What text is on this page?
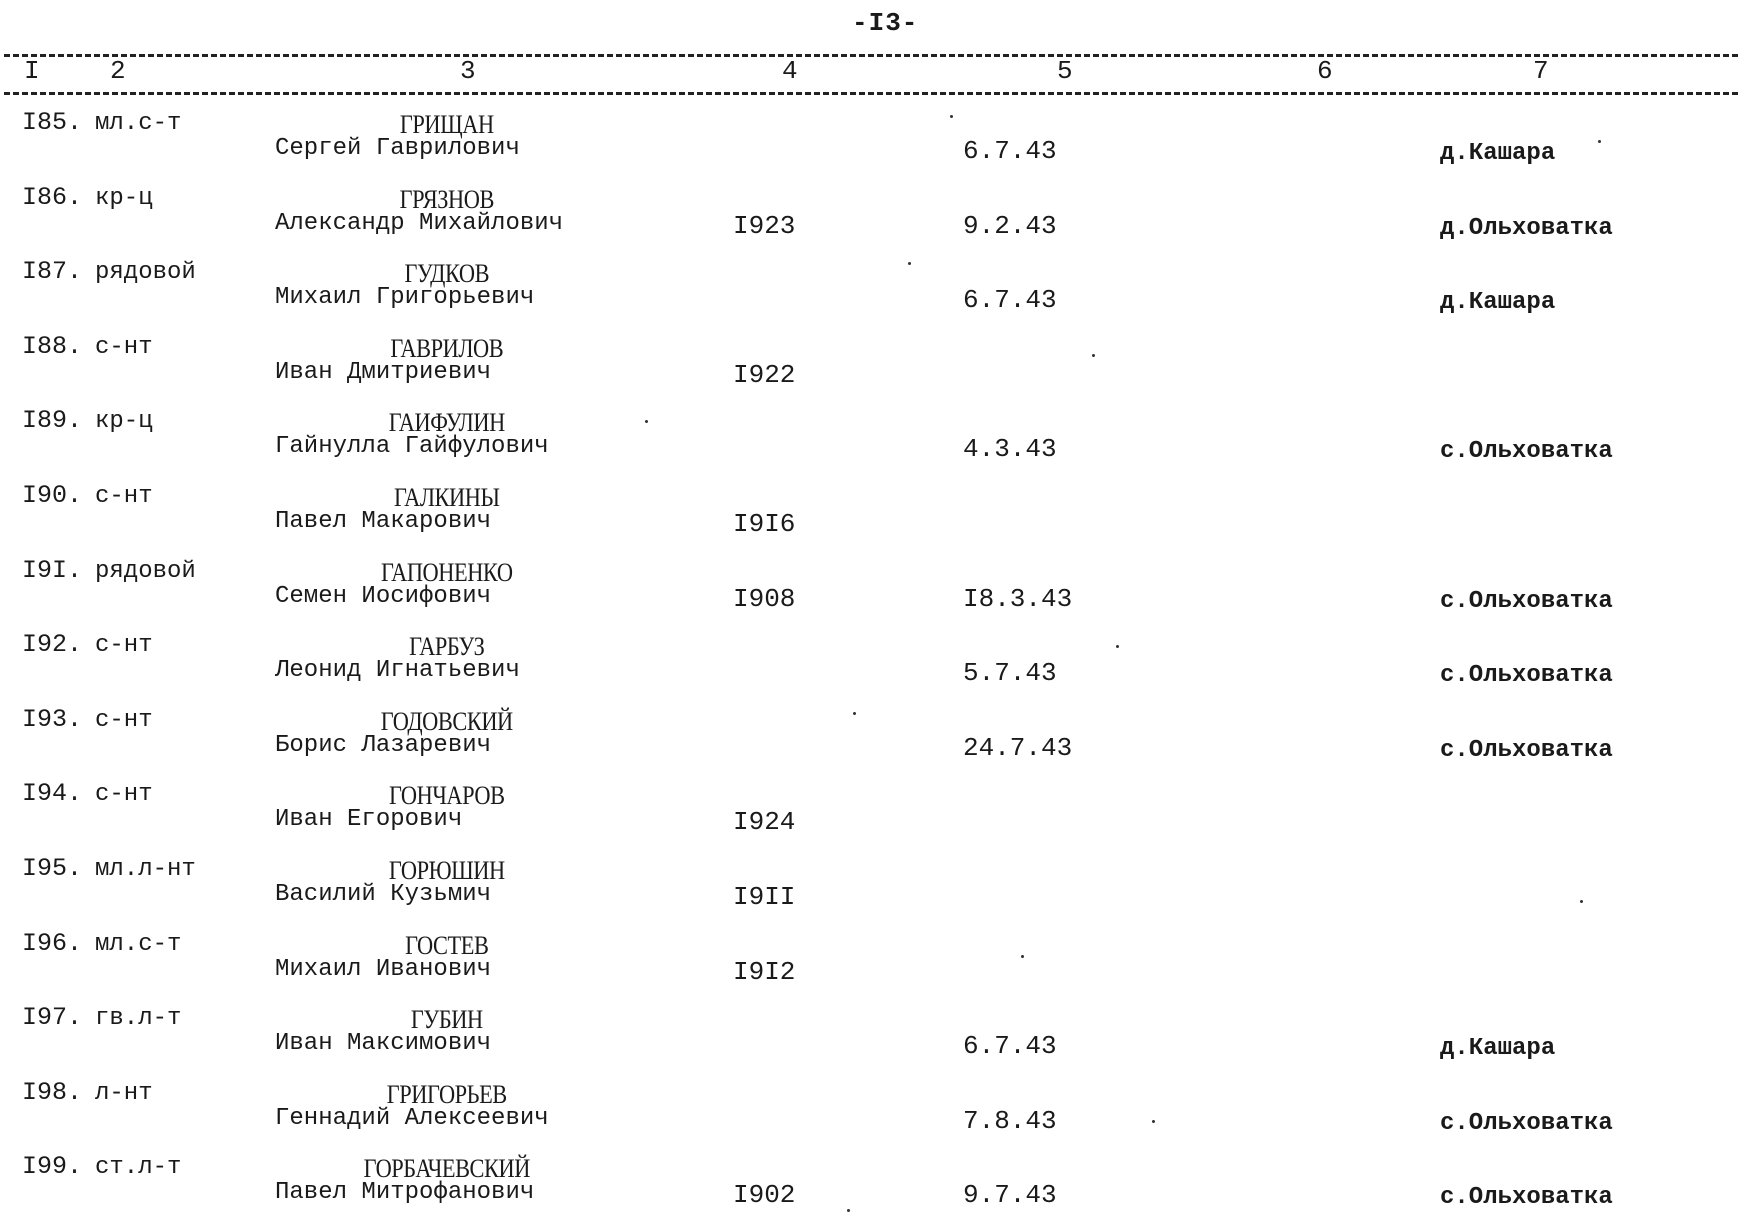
-I3-
I	2	3	4	5	6	7
I85. мл.с-т	ГРИЩАН
Сергей Гаврилович	6.7.43	д.Кашара
I86. кр-ц	ГРЯЗНОВ
Александр Михайлович	I923	9.2.43	д.Ольховатка
I87. рядовой	ГУДКОВ
Михаил Григорьевич	6.7.43	д.Кашара
I88. с-нт	ГАВРИЛОВ
Иван Дмитриевич	I922
I89. кр-ц	ГАИФУЛИН
Гайнулла Гайфулович	4.3.43	с.Ольховатка
I90. с-нт	ГАЛКИНЫ
Павел Макарович	I9I6
I9I. рядовой	ГАПОНЕНКО
Семен Иосифович	I908	I8.3.43	с.Ольховатка
I92. с-нт	ГАРБУЗ
Леонид Игнатьевич	5.7.43	с.Ольховатка
I93. с-нт	ГОДОВСКИЙ
Борис Лазаревич	24.7.43	с.Ольховатка
I94. с-нт	ГОНЧАРОВ
Иван Егорович	I924
I95. мл.л-нт	ГОРЮШИН
Василий Кузьмич	I9II
I96. мл.с-т	ГОСТЕВ
Михаил Иванович	I9I2
I97. гв.л-т	ГУБИН
Иван Максимович	6.7.43	д.Кашара
I98. л-нт	ГРИГОРЬЕВ
Геннадий Алексеевич	7.8.43	с.Ольховатка
I99. ст.л-т	ГОРБАЧЕВСКИЙ
Павел Митрофанович	I902	9.7.43	с.Ольховатка
